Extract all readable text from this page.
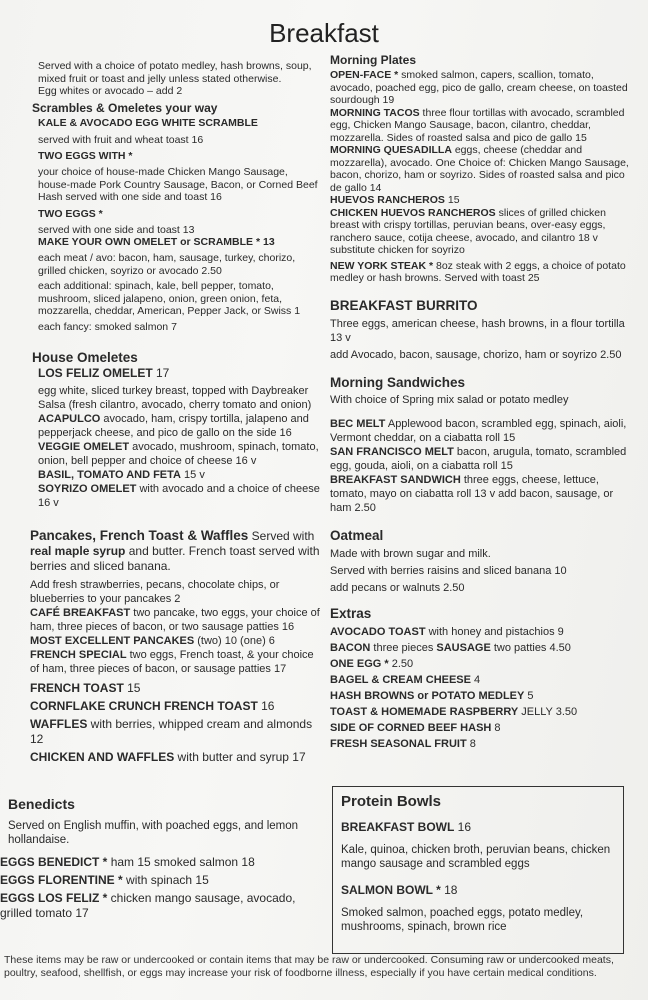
Breakfast

Served with a choice of potato medley, hash browns, soup, mixed fruit or toast and jelly unless stated otherwise.

Egg whites or avocado – add 2

Scrambles & Omeletes your way
KALE & AVOCADO EGG WHITE SCRAMBLE
served with fruit and wheat toast 16
TWO EGGS WITH *

your choice of house-made Chicken Mango Sausage, house-made Pork Country Sausage, Bacon, or Corned Beef Hash served with one side and toast 16

TWO EGGS *

served with one side and toast 13

MAKE YOUR OWN OMELET or SCRAMBLE * 13

each meat / avo: bacon, ham, sausage, turkey, chorizo, grilled chicken, soyrizo or avocado 2.50

each additional: spinach, kale, bell pepper, tomato, mushroom, sliced jalapeno, onion, green onion, feta, mozzarella, cheddar, American, Pepper Jack, or Swiss 1

each fancy: smoked salmon 7

House Omeletes
LOS FELIZ OMELET 17

egg white, sliced turkey breast, topped with Daybreaker Salsa (fresh cilantro, avocado, cherry tomato and onion)

ACAPULCO avocado, ham, crispy tortilla, jalapeno and pepperjack cheese, and pico de gallo on the side 16
VEGGIE OMELET avocado, mushroom, spinach, tomato, onion, bell pepper and choice of cheese 16 v
BASIL, TOMATO AND FETA 15 v
SOYRIZO OMELET with avocado and a choice of cheese 16 v
Pancakes, French Toast & Waffles Served with real maple syrup and butter. French toast served with berries and sliced banana.

Add fresh strawberries, pecans, chocolate chips, or blueberries to your pancakes 2

CAFÉ BREAKFAST two pancake, two eggs, your choice of ham, three pieces of bacon, or two sausage patties 16
MOST EXCELLENT PANCAKES (two) 10 (one) 6
FRENCH SPECIAL two eggs, French toast, & your choice of ham, three pieces of bacon, or sausage patties 17
FRENCH TOAST 15
CORNFLAKE CRUNCH FRENCH TOAST 16
WAFFLES with berries, whipped cream and almonds 12
CHICKEN AND WAFFLES with butter and syrup 17
Benedicts

Served on English muffin, with poached eggs, and lemon hollandaise.

EGGS BENEDICT * ham 15 smoked salmon 18
EGGS FLORENTINE * with spinach 15
EGGS LOS FELIZ * chicken mango sausage, avocado, grilled tomato 17
Morning Plates

OPEN-FACE * smoked salmon, capers, scallion, tomato, avocado, poached egg, pico de gallo, cream cheese, on toasted sourdough 19

MORNING TACOS three flour tortillas with avocado, scrambled egg, Chicken Mango Sausage, bacon, cilantro, cheddar, mozzarella. Sides of roasted salsa and pico de gallo 15

MORNING QUESADILLA eggs, cheese (cheddar and mozzarella), avocado. One Choice of: Chicken Mango Sausage, bacon, chorizo, ham or soyrizo. Sides of roasted salsa and pico de gallo 14

HUEVOS RANCHEROS 15

CHICKEN HUEVOS RANCHEROS slices of grilled chicken breast with crispy tortillas, peruvian beans, over-easy eggs, ranchero sauce, cotija cheese, avocado, and cilantro 18 v substitute chicken for soyrizo

NEW YORK STEAK * 8oz steak with 2 eggs, a choice of potato medley or hash browns. Served with toast 25

BREAKFAST BURRITO

Three eggs, american cheese, hash browns, in a flour tortilla 13 v

add Avocado, bacon, sausage, chorizo, ham or soyrizo 2.50

Morning Sandwiches

With choice of Spring mix salad or potato medley

BEC MELT Applewood bacon, scrambled egg, spinach, aioli, Vermont cheddar, on a ciabatta roll 15

SAN FRANCISCO MELT bacon, arugula, tomato, scrambled egg, gouda, aioli, on a ciabatta roll 15

BREAKFAST SANDWICH three eggs, cheese, lettuce, tomato, mayo on ciabatta roll 13 v add bacon, sausage, or ham 2.50

Oatmeal

Made with brown sugar and milk.

Served with berries raisins and sliced banana 10

add pecans or walnuts 2.50

Extras
AVOCADO TOAST with honey and pistachios 9
BACON three pieces SAUSAGE two patties 4.50
ONE EGG * 2.50
BAGEL & CREAM CHEESE 4
HASH BROWNS or POTATO MEDLEY 5
TOAST & HOMEMADE RASPBERRY JELLY 3.50
SIDE OF CORNED BEEF HASH 8
FRESH SEASONAL FRUIT 8
Protein Bowls
BREAKFAST BOWL 16

Kale, quinoa, chicken broth, peruvian beans, chicken mango sausage and scrambled eggs

SALMON BOWL * 18

Smoked salmon, poached eggs, potato medley, mushrooms, spinach, brown rice

These items may be raw or undercooked or contain items that may be raw or undercooked. Consuming raw or undercooked meats, poultry, seafood, shellfish, or eggs may increase your risk of foodborne illness, especially if you have certain medical conditions.
